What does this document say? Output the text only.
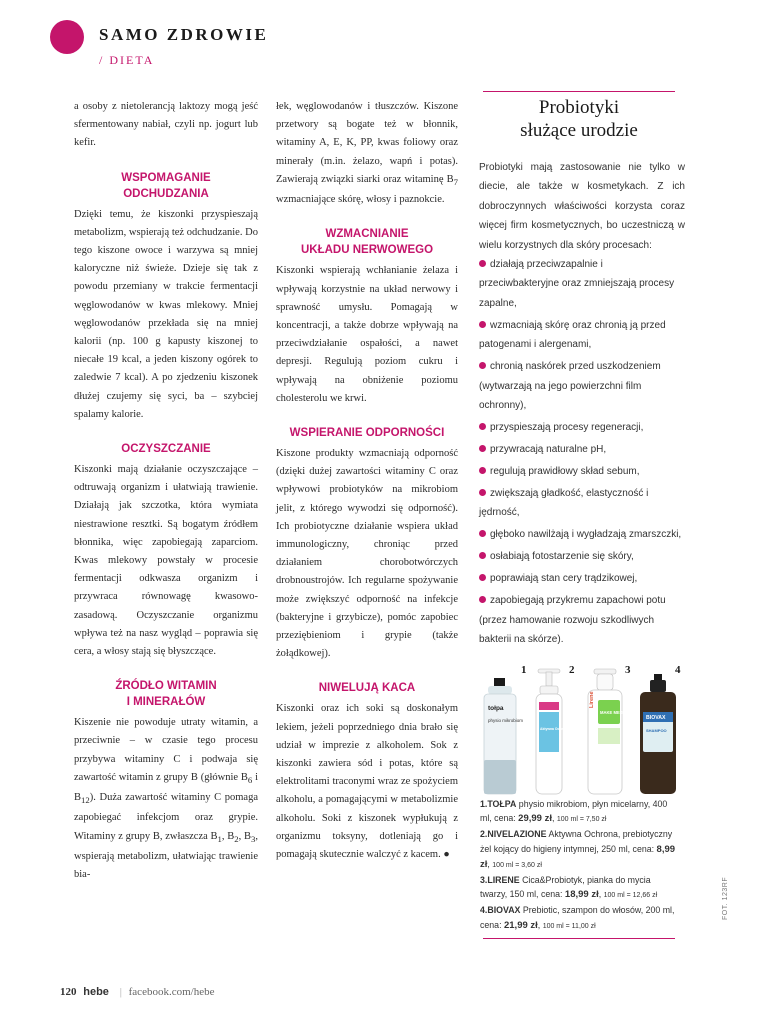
SAMO ZDROWIE
/ DIETA

a osoby z nietolerancją laktozy mogą jeść sfermentowany nabiał, czyli np. jogurt lub kefir.

WSPOMAGANIE
ODCHUDZANIA

Dzięki temu, że kiszonki przyspieszają metabolizm, wspierają też odchudzanie. Do tego kiszone owoce i warzywa są mniej kaloryczne niż świeże. Dzieje się tak z powodu przemiany w trakcie fermentacji węglowodanów w kwas mlekowy. Mniej węglowodanów przekłada się na mniej kalorii (np. 100 g kapusty kiszonej to niecałe 19 kcal, a jeden kiszony ogórek to zaledwie 7 kcal). A po zjedzeniu kiszonek dłużej czujemy się syci, ba – szybciej spalamy kalorie.

OCZYSZCZANIE

Kiszonki mają działanie oczyszczające – odtruwają organizm i ułatwiają trawienie. Działają jak szczotka, która wymiata niestrawione resztki. Są bogatym źródłem błonnika, więc zapobiegają zaparciom. Kwas mlekowy powstały w procesie fermentacji odkwasza organizm i przywraca równowagę kwasowo-zasadową. Oczyszczanie organizmu wpływa też na nasz wygląd – poprawia się cera, a włosy stają się błyszczące.

ŹRÓDŁO WITAMIN
I MINERAŁÓW

Kiszenie nie powoduje utraty witamin, a przeciwnie – w czasie tego procesu przybywa witaminy C i podwaja się zawartość witamin z grupy B (głównie $B_6$ i $B_{12}$). Duża zawartość witaminy C pomaga zapobiegać infekcjom oraz grypie. Witaminy z grupy B, zwłaszcza $B_1$, $B_2$, $B_3$, wspierają metabolizm, ułatwiając trawienie bia-

łek, węglowodanów i tłuszczów. Kiszone przetwory są bogate też w błonnik, witaminy A, E, K, PP, kwas foliowy oraz minerały (m.in. żelazo, wapń i potas). Zawierają związki siarki oraz witaminę $B_7$ wzmacniające skórę, włosy i paznokcie.

WZMACNIANIE
UKŁADU NERWOWEGO

Kiszonki wspierają wchłanianie żelaza i wpływają korzystnie na układ nerwowy i sprawność umysłu. Pomagają w koncentracji, a także dobrze wpływają na przeciwdziałanie ospałości, a nawet depresji. Regulują poziom cukru i wpływają na obniżenie poziomu cholesterolu we krwi.

WSPIERANIE ODPORNOŚCI

Kiszone produkty wzmacniają odporność (dzięki dużej zawartości witaminy C oraz wpływowi probiotyków na mikrobiom jelit, z którego wywodzi się odporność). Ich probiotyczne działanie wspiera układ immunologiczny, chroniąc przed działaniem chorobotwórczych drobnoustrojów. Ich regularne spożywanie może zwiększyć odporność na infekcje (bakteryjne i grzybicze), pomóc zapobiec przeziębieniom i grypie (także żołądkowej).

NIWELUJĄ KACA

Kiszonki oraz ich soki są doskonałym lekiem, jeżeli poprzedniego dnia brało się udział w imprezie z alkoholem. Sok z kiszonki zawiera sód i potas, które są elektrolitami traconymi wraz ze spożyciem alkoholu, a pomagającymi w metabolizmie alkoholu. Soki z kiszonek wypłukują z organizmu toksyny, dotleniają go i pomagają skutecznie walczyć z kacem. ●

Probiotyki
służące urodzie

Probiotyki mają zastosowanie nie tylko w diecie, ale także w kosmetykach. Z ich dobroczynnych właściwości korzysta coraz więcej firm kosmetycznych, bo uczestniczą w wielu korzystnych dla skóry procesach:

działają przeciwzapalnie i przeciwbakteryjne oraz zmniejszają procesy zapalne,
wzmacniają skórę oraz chronią ją przed patogenami i alergenami,
chronią naskórek przed uszkodzeniem (wytwarzają na jego powierzchni film ochronny),
przyspieszają procesy regeneracji,
przywracają naturalne pH,
regulują prawidłowy skład sebum,
zwiększają gładkość, elastyczność i jędrność,
głęboko nawilżają i wygładzają zmarszczki,
osłabiają fotostarzenie się skóry,
poprawiają stan cery trądzikowej,
zapobiegają przykremu zapachowi potu (przez hamowanie rozwoju szkodliwych bakterii na skórze).
1	2	3	4
tołpa
physio mikrobiom
Aktywna Ochrona
Lirene
MAKE ME SOFT
BIOVAX
SHAMPOO

1.TOŁPA physio mikrobiom, płyn micelarny, 400 ml, cena: 29,99 zł, 100 ml = 7,50 zł

2.NIVELAZIONE Aktywna Ochrona, prebiotyczny żel kojący do higieny intymnej, 250 ml, cena: 8,99 zł, 100 ml = 3,60 zł

3.LIRENE Cica&Probiotyk, pianka do mycia twarzy, 150 ml, cena: 18,99 zł, 100 ml = 12,66 zł

4.BIOVAX Prebiotic, szampon do włosów, 200 ml, cena: 21,99 zł, 100 ml = 11,00 zł

FOT. 123RF
120 hebe | facebook.com/hebe
